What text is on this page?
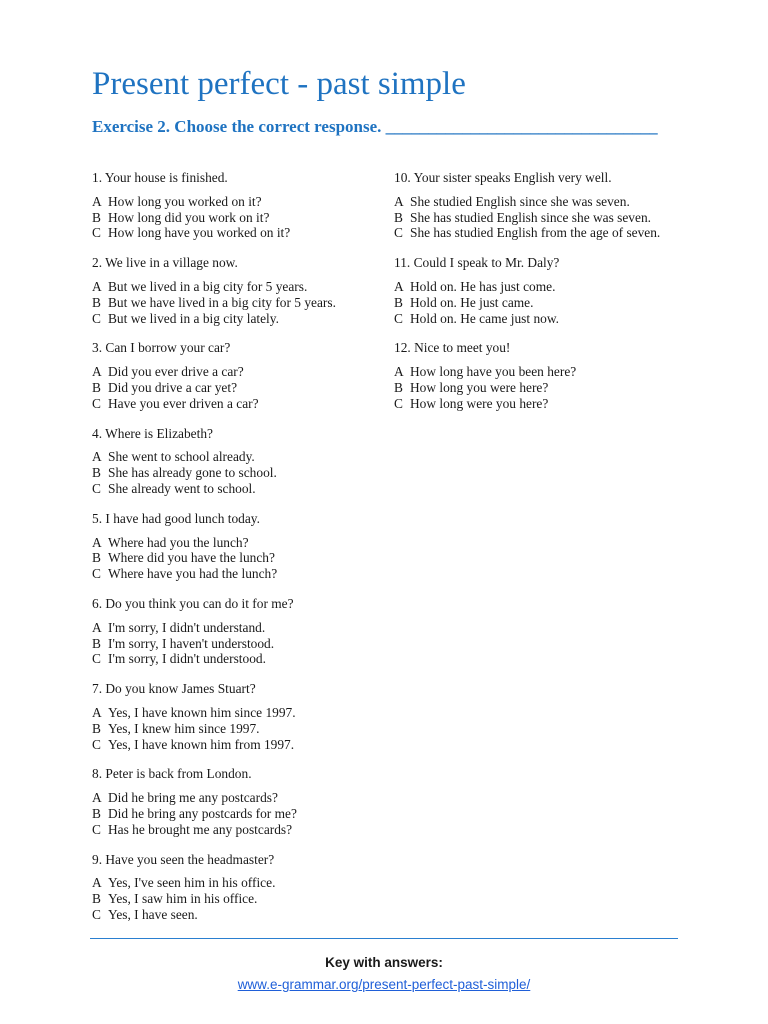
Present perfect - past simple
Exercise 2. Choose the correct response. ________________________________
1. Your house is finished.
A How long you worked on it?
B How long did you work on it?
C How long have you worked on it?
2. We live in a village now.
A But we lived in a big city for 5 years.
B But we have lived in a big city for 5 years.
C But we lived in a big city lately.
3. Can I borrow your car?
A Did you ever drive a car?
B Did you drive a car yet?
C Have you ever driven a car?
4. Where is Elizabeth?
A She went to school already.
B She has already gone to school.
C She already went to school.
5. I have had good lunch today.
A Where had you the lunch?
B Where did you have the lunch?
C Where have you had the lunch?
6. Do you think you can do it for me?
A I'm sorry, I didn't understand.
B I'm sorry, I haven't understood.
C I'm sorry, I didn't understood.
7. Do you know James Stuart?
A Yes, I have known him since 1997.
B Yes, I knew him since 1997.
C Yes, I have known him from 1997.
8. Peter is back from London.
A Did he bring me any postcards?
B Did he bring any postcards for me?
C Has he brought me any postcards?
9. Have you seen the headmaster?
A Yes, I've seen him in his office.
B Yes, I saw him in his office.
C Yes, I have seen.
10. Your sister speaks English very well.
A She studied English since she was seven.
B She has studied English since she was seven.
C She has studied English from the age of seven.
11. Could I speak to Mr. Daly?
A Hold on. He has just come.
B Hold on. He just came.
C Hold on. He came just now.
12. Nice to meet you!
A How long have you been here?
B How long you were here?
C How long were you here?
Key with answers:
www.e-grammar.org/present-perfect-past-simple/
